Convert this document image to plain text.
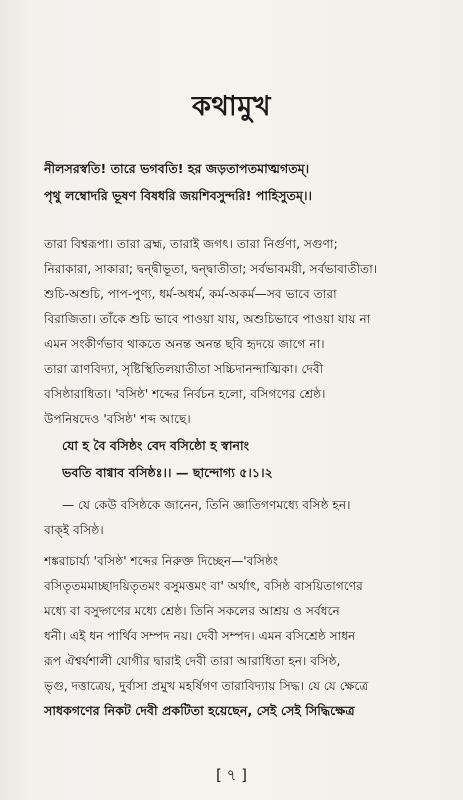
কথামুখ
নীলসরস্বতি! তারে ভগবতি! হর জড়তাপতমাত্মগতম্।
পৃথু লম্বোদরি ভূষণ বিষধরি জয়শিবসুন্দরি! পাহিসুতম্।।
তারা বিশ্বরূপা। তারা ব্রহ্ম, তারাই জগৎ। তারা নির্গুণা, সগুণা;
নিরাকারা, সাকারা; দ্বন্দ্বীভূতা, দ্বন্দ্বাতীতা; সর্বভাবময়ী, সর্বভাবাতীতা।
শুচি-অশুচি, পাপ-পুণ্য, ধর্ম-অধর্ম, কর্ম-অকর্ম—সব ভাবে তারা
বিরাজিতা। তাঁকে শুচি ভাবে পাওয়া যায়, অশুচিভাবে পাওয়া যায় না
এমন সংকীর্ণভাব থাকতে অনন্ত অনন্ত ছবি হৃদয়ে জাগে না।
তারা ত্রাণবিদ্যা, সৃষ্টিস্থিতিলয়াতীতা সচ্চিদানন্দাত্মিকা। দেবী
বসিষ্ঠারাধিতা। 'বসিষ্ঠ' শব্দের নির্বচন হলো, বসিগণের শ্রেষ্ঠ।
উপনিষদেও 'বসিষ্ঠ' শব্দ আছে।
যো হ বৈ বসিষ্ঠং বেদ বসিষ্ঠো হ স্বানাং
ভবতি বাগ্বাব বসিষ্ঠঃ।। — ছান্দোগ্য ৫।১।২
— যে কেউ বসিষ্ঠকে জানেন, তিনি জ্ঞাতিগণমধ্যে বসিষ্ঠ হন।
বাক্ই বসিষ্ঠ।
শঙ্করাচার্য্য 'বসিষ্ঠ' শব্দের নিরুক্ত দিচ্ছেন—'বসিষ্ঠং
বসিতৃতমমাচ্ছাদয়িতৃতমং বসুমত্তমং বা' অর্থাৎ, বসিষ্ঠ বাসয়িতাগণের
মধ্যে বা বসুদ্গণের মধ্যে শ্রেষ্ঠ। তিনি সকলের আশ্রয় ও সর্বধনে
ধনী। এই ধন পার্থিব সম্পদ নয়। দেবী সম্পদ। এমন বসিশ্রেষ্ঠ সাধন
রূপ ঐশ্বর্যশালী যোগীর দ্বারাই দেবী তারা আরাধিতা হন। বসিষ্ঠ,
ভৃগু, দত্তাত্রেয়, দুর্বাসা প্রমুখ মহর্ষিগণ তারাবিদ্যায় সিদ্ধ। যে যে ক্ষেত্রে
সাধকগণের নিকট দেবী প্রকটিতা হয়েছেন, সেই সেই সিদ্ধিক্ষেত্র
[ ৭ ]
